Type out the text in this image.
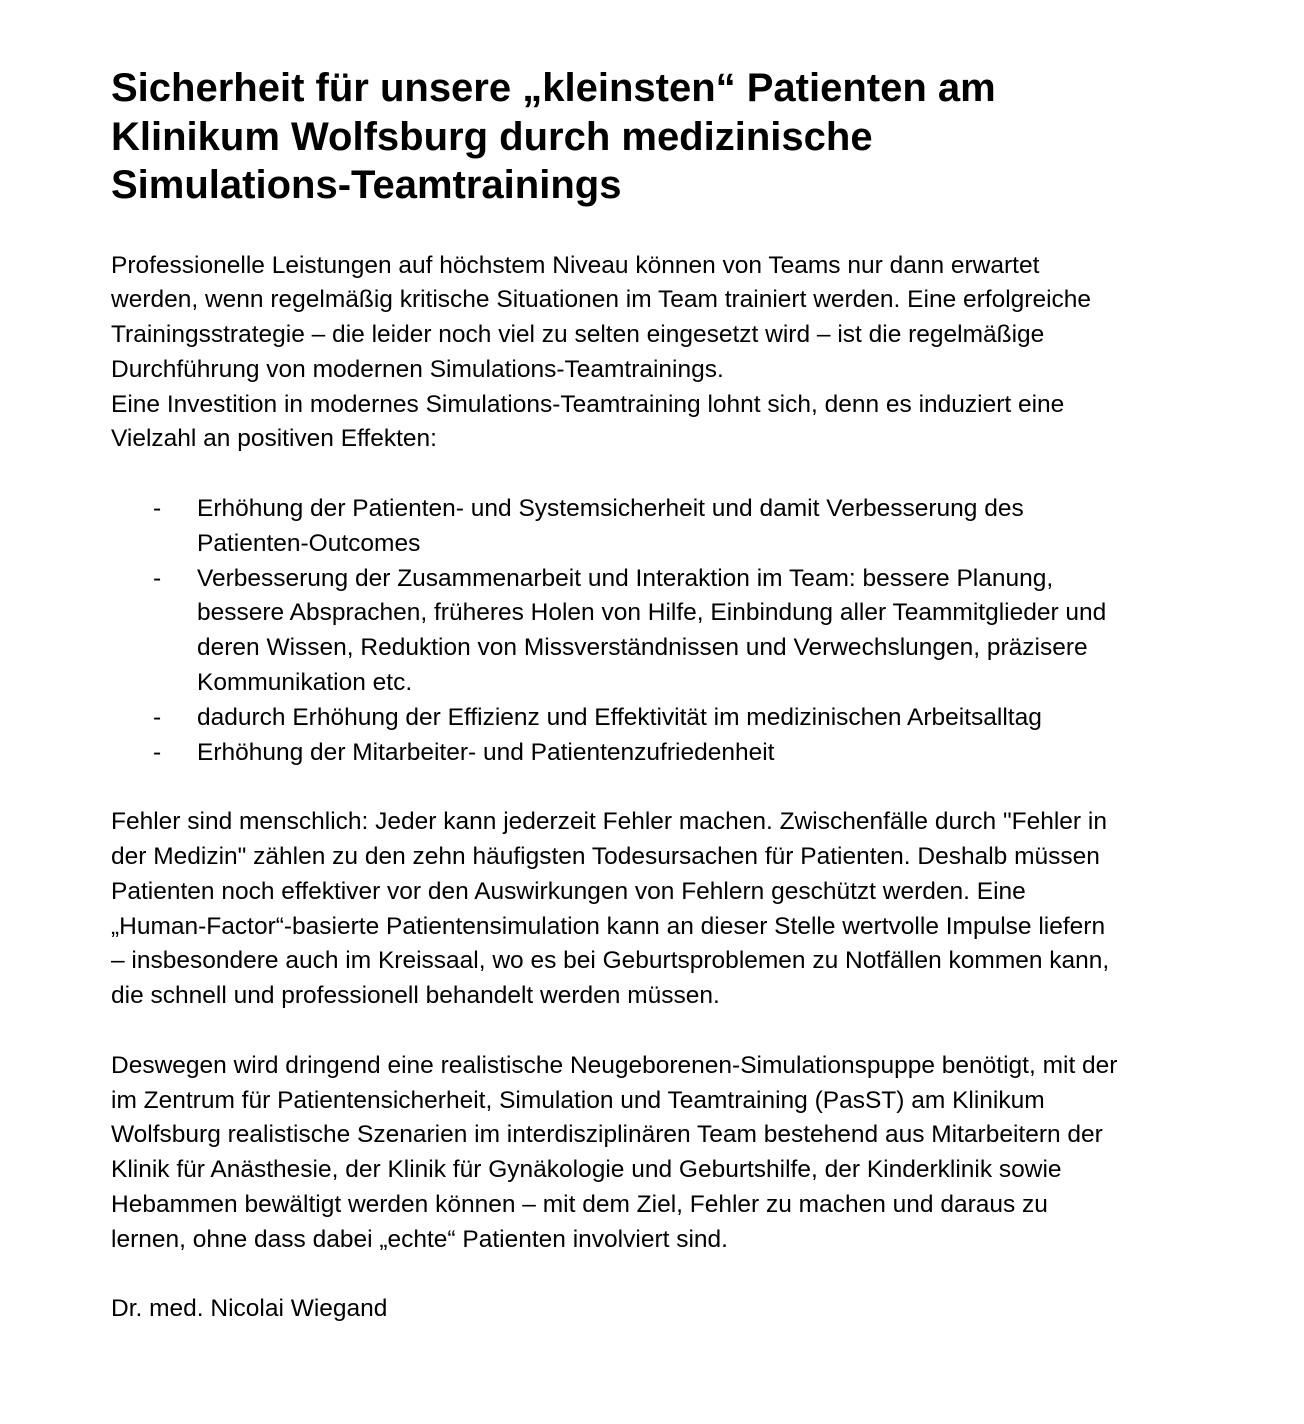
Sicherheit für unsere „kleinsten“ Patienten am
Klinikum Wolfsburg durch medizinische
Simulations-Teamtrainings

Professionelle Leistungen auf höchstem Niveau können von Teams nur dann erwartet
werden, wenn regelmäßig kritische Situationen im Team trainiert werden. Eine erfolgreiche
Trainingsstrategie – die leider noch viel zu selten eingesetzt wird – ist die regelmäßige
Durchführung von modernen Simulations-Teamtrainings.
Eine Investition in modernes Simulations-Teamtraining lohnt sich, denn es induziert eine
Vielzahl an positiven Effekten:

- Erhöhung der Patienten- und Systemsicherheit und damit Verbesserung des
Patienten-Outcomes
- Verbesserung der Zusammenarbeit und Interaktion im Team: bessere Planung,
bessere Absprachen, früheres Holen von Hilfe, Einbindung aller Teammitglieder und
deren Wissen, Reduktion von Missverständnissen und Verwechslungen, präzisere
Kommunikation etc.
- dadurch Erhöhung der Effizienz und Effektivität im medizinischen Arbeitsalltag
- Erhöhung der Mitarbeiter- und Patientenzufriedenheit

Fehler sind menschlich: Jeder kann jederzeit Fehler machen. Zwischenfälle durch "Fehler in
der Medizin" zählen zu den zehn häufigsten Todesursachen für Patienten. Deshalb müssen
Patienten noch effektiver vor den Auswirkungen von Fehlern geschützt werden. Eine
„Human-Factor“-basierte Patientensimulation kann an dieser Stelle wertvolle Impulse liefern
– insbesondere auch im Kreissaal, wo es bei Geburtsproblemen zu Notfällen kommen kann,
die schnell und professionell behandelt werden müssen.

Deswegen wird dringend eine realistische Neugeborenen-Simulationspuppe benötigt, mit der
im Zentrum für Patientensicherheit, Simulation und Teamtraining (PasST) am Klinikum
Wolfsburg realistische Szenarien im interdisziplinären Team bestehend aus Mitarbeitern der
Klinik für Anästhesie, der Klinik für Gynäkologie und Geburtshilfe, der Kinderklinik sowie
Hebammen bewältigt werden können – mit dem Ziel, Fehler zu machen und daraus zu
lernen, ohne dass dabei „echte“ Patienten involviert sind.

Dr. med. Nicolai Wiegand
